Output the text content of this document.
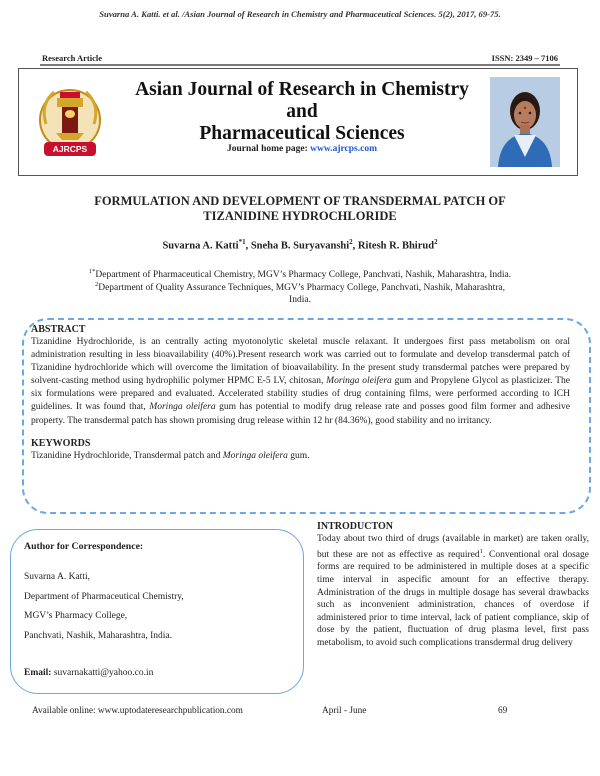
Suvarna A. Katti. et al. /Asian Journal of Research in Chemistry and Pharmaceutical Sciences. 5(2), 2017, 69-75.
Research Article	ISSN: 2349 – 7106
AJRCPS
Asian Journal of Research in Chemistry
and
Pharmaceutical Sciences
Journal home page: www.ajrcps.com
FORMULATION AND DEVELOPMENT OF TRANSDERMAL PATCH OF
TIZANIDINE HYDROCHLORIDE
Suvarna A. Katti$^{*1}$, Sneha B. Suryavanshi$^2$, Ritesh R. Bhirud$^2$
$^{1*}$Department of Pharmaceutical Chemistry, MGV’s Pharmacy College, Panchvati, Nashik, Maharashtra, India.
$^2$Department of Quality Assurance Techniques, MGV’s Pharmacy College, Panchvati, Nashik, Maharashtra,
India.
ABSTRACT

Tizanidine Hydrochloride, is an centrally acting myotonolytic skeletal muscle relaxant. It undergoes first pass metabolism on oral administration resulting in less bioavailability (40%).Present research work was carried out to formulate and develop transdermal patch of Tizanidine hydrochloride which will overcome the limitation of bioavailability. In the present study transdermal patches were prepared by solvent-casting method using hydrophilic polymer HPMC E-5 LV, chitosan, Moringa oleifera gum and Propylene Glycol as plasticizer. The six formulations were prepared and evaluated. Accelerated stability studies of drug containing films, were performed according to ICH guidelines. It was found that, Moringa oleifera gum has potential to modify drug release rate and posses good film former and adhesive property. The transdermal patch has shown promising drug release within 12 hr (84.36%), good stability and no irritancy.

KEYWORDS

Tizanidine Hydrochloride, Transdermal patch and Moringa oleifera gum.

Author for Correspondence:
Suvarna A. Katti,
Department of Pharmaceutical Chemistry,
MGV’s Pharmacy College,
Panchvati, Nashik, Maharashtra, India.
Email: suvarnakatti@yahoo.co.in
INTRODUCTON
Today about two third of drugs (available in market) are taken orally, but these are not as effective as required$^1$. Conventional oral dosage forms are required to be administered in multiple doses at a specific time interval in aspecific amount for an effective therapy. Administration of the drugs in multiple dosage has several drawbacks such as inconvenient administration, chances of overdose if administered prior to time interval, lack of patient compliance, skip of dose by the patient, fluctuation of drug plasma level, first pass metabolism, to avoid such complications transdermal drug delivery
Available online: www.uptodateresearchpublication.com	April - June	69
